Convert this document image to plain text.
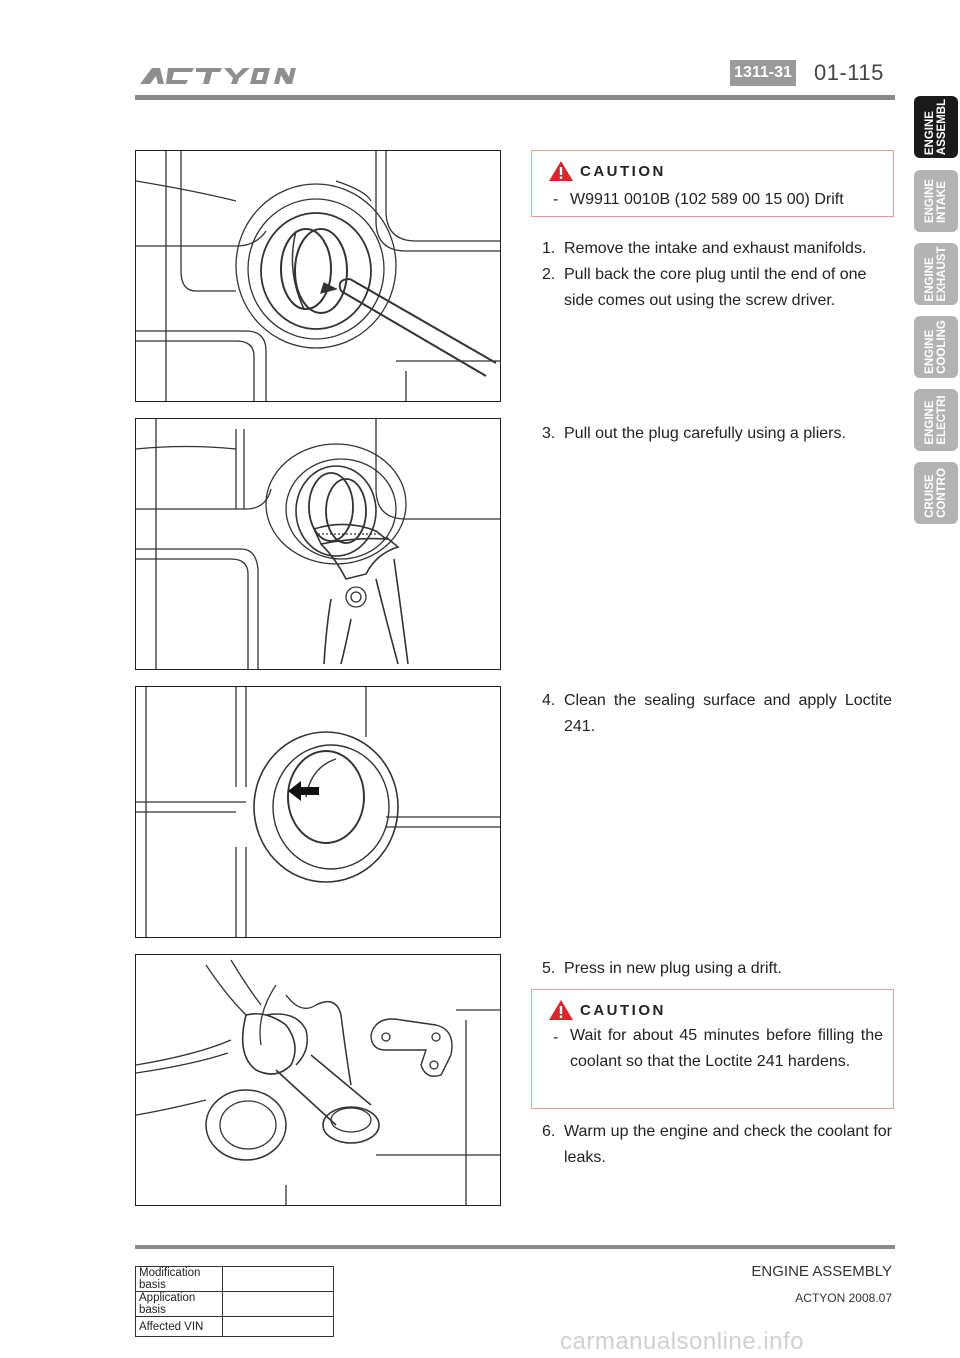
1311-31 01-115
ENGINE
ASSEMBL
ENGINE
INTAKE
ENGINE
EXHAUST
ENGINE
COOLING
ENGINE
ELECTRI
CRUISE
CONTRO
CAUTION
- W9911 0010B (102 589 00 15 00) Drift
1. Remove the intake and exhaust manifolds.
2. Pull back the core plug until the end of one side comes out using the screw driver.
3. Pull out the plug carefully using a pliers.
4. Clean the sealing surface and apply Loctite 241.
5. Press in new plug using a drift.
CAUTION
- Wait for about 45 minutes before filling the coolant so that the Loctite 241 hardens.
6. Warm up the engine and check the coolant for leaks.
Modification basis	
Application basis	
Affected VIN	
ENGINE ASSEMBLY
ACTYON 2008.07
carmanualsonline.info
